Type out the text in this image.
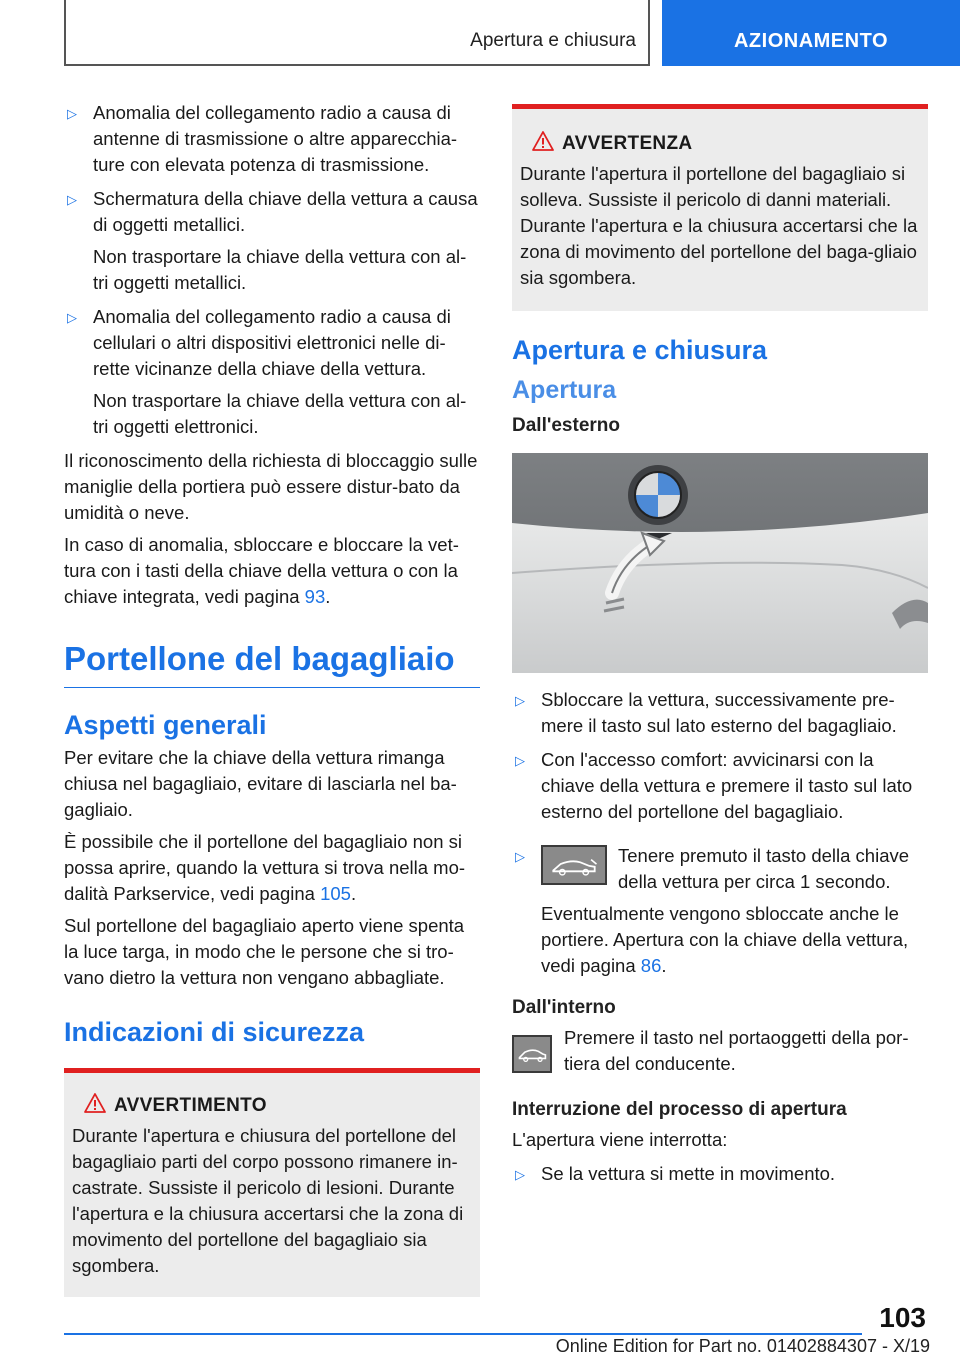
Apertura e chiusura	AZIONAMENTO
▷ Anomalia del collegamento radio a causa di antenne di trasmissione o altre apparecchia-ture con elevata potenza di trasmissione.
▷ Schermatura della chiave della vettura a causa di oggetti metallici.
Non trasportare la chiave della vettura con al-tri oggetti metallici.
▷ Anomalia del collegamento radio a causa di cellulari o altri dispositivi elettronici nelle di-rette vicinanze della chiave della vettura.
Non trasportare la chiave della vettura con al-tri oggetti elettronici.

Il riconoscimento della richiesta di bloccaggio sulle maniglie della portiera può essere distur-bato da umidità o neve.

In caso di anomalia, sbloccare e bloccare la vet-tura con i tasti della chiave della vettura o con la chiave integrata, vedi pagina 93.

Portellone del bagagliaio
Aspetti generali

Per evitare che la chiave della vettura rimanga chiusa nel bagagliaio, evitare di lasciarla nel ba-gagliaio.

È possibile che il portellone del bagagliaio non si possa aprire, quando la vettura si trova nella mo-dalità Parkservice, vedi pagina 105.

Sul portellone del bagagliaio aperto viene spenta la luce targa, in modo che le persone che si tro-vano dietro la vettura non vengano abbagliate.

Indicazioni di sicurezza
AVVERTIMENTO

Durante l'apertura e chiusura del portellone del bagagliaio parti del corpo possono rimanere in-castrate. Sussiste il pericolo di lesioni. Durante l'apertura e la chiusura accertarsi che la zona di movimento del portellone del bagagliaio sia sgombera.

AVVERTENZA

Durante l'apertura il portellone del bagagliaio si solleva. Sussiste il pericolo di danni materiali. Durante l'apertura e la chiusura accertarsi che la zona di movimento del portellone del baga-gliaio sia sgombera.

Apertura e chiusura
Apertura
Dall'esterno
▷ Sbloccare la vettura, successivamente pre-mere il tasto sul lato esterno del bagagliaio.
▷ Con l'accesso comfort: avvicinarsi con la chiave della vettura e premere il tasto sul lato esterno del portellone del bagagliaio.
▷	Tenere premuto il tasto della chiave della vettura per circa 1 secondo.
Eventualmente vengono sbloccate anche le portiere. Apertura con la chiave della vettura, vedi pagina 86.
Dall'interno
Premere il tasto nel portaoggetti della por-tiera del conducente.
Interruzione del processo di apertura

L'apertura viene interrotta:

▷ Se la vettura si mette in movimento.
103
Online Edition for Part no. 01402884307 - X/19
